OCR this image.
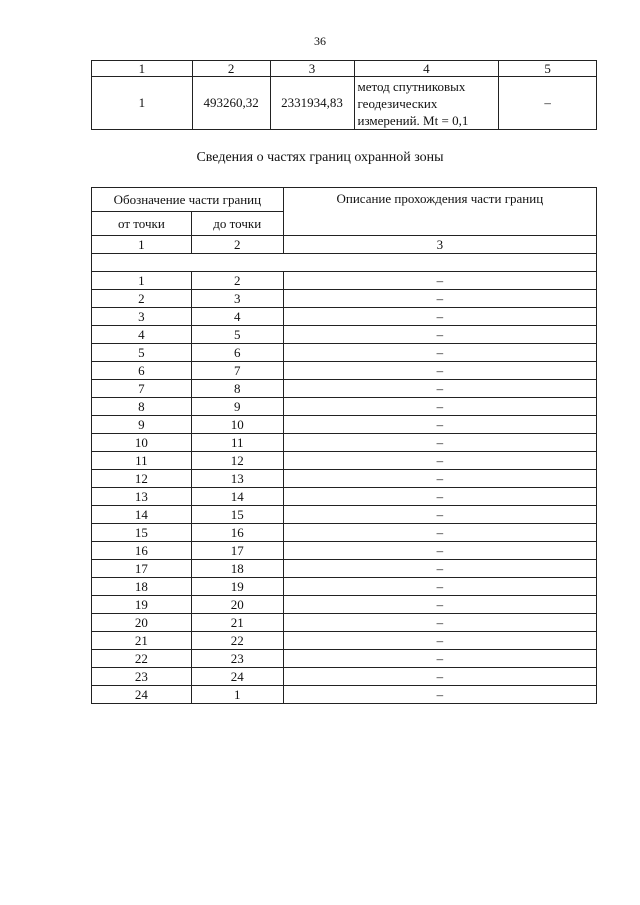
36
1	2	3	4	5
1	493260,32	2331934,83	метод спутниковых
геодезических
измерений. Mt = 0,1	–
Сведения о частях границ охранной зоны
Обозначение части границ		Описание прохождения части границ
от точки	до точки	
1	2	3

1	2	–
2	3	–
3	4	–
4	5	–
5	6	–
6	7	–
7	8	–
8	9	–
9	10	–
10	11	–
11	12	–
12	13	–
13	14	–
14	15	–
15	16	–
16	17	–
17	18	–
18	19	–
19	20	–
20	21	–
21	22	–
22	23	–
23	24	–
24	1	–
